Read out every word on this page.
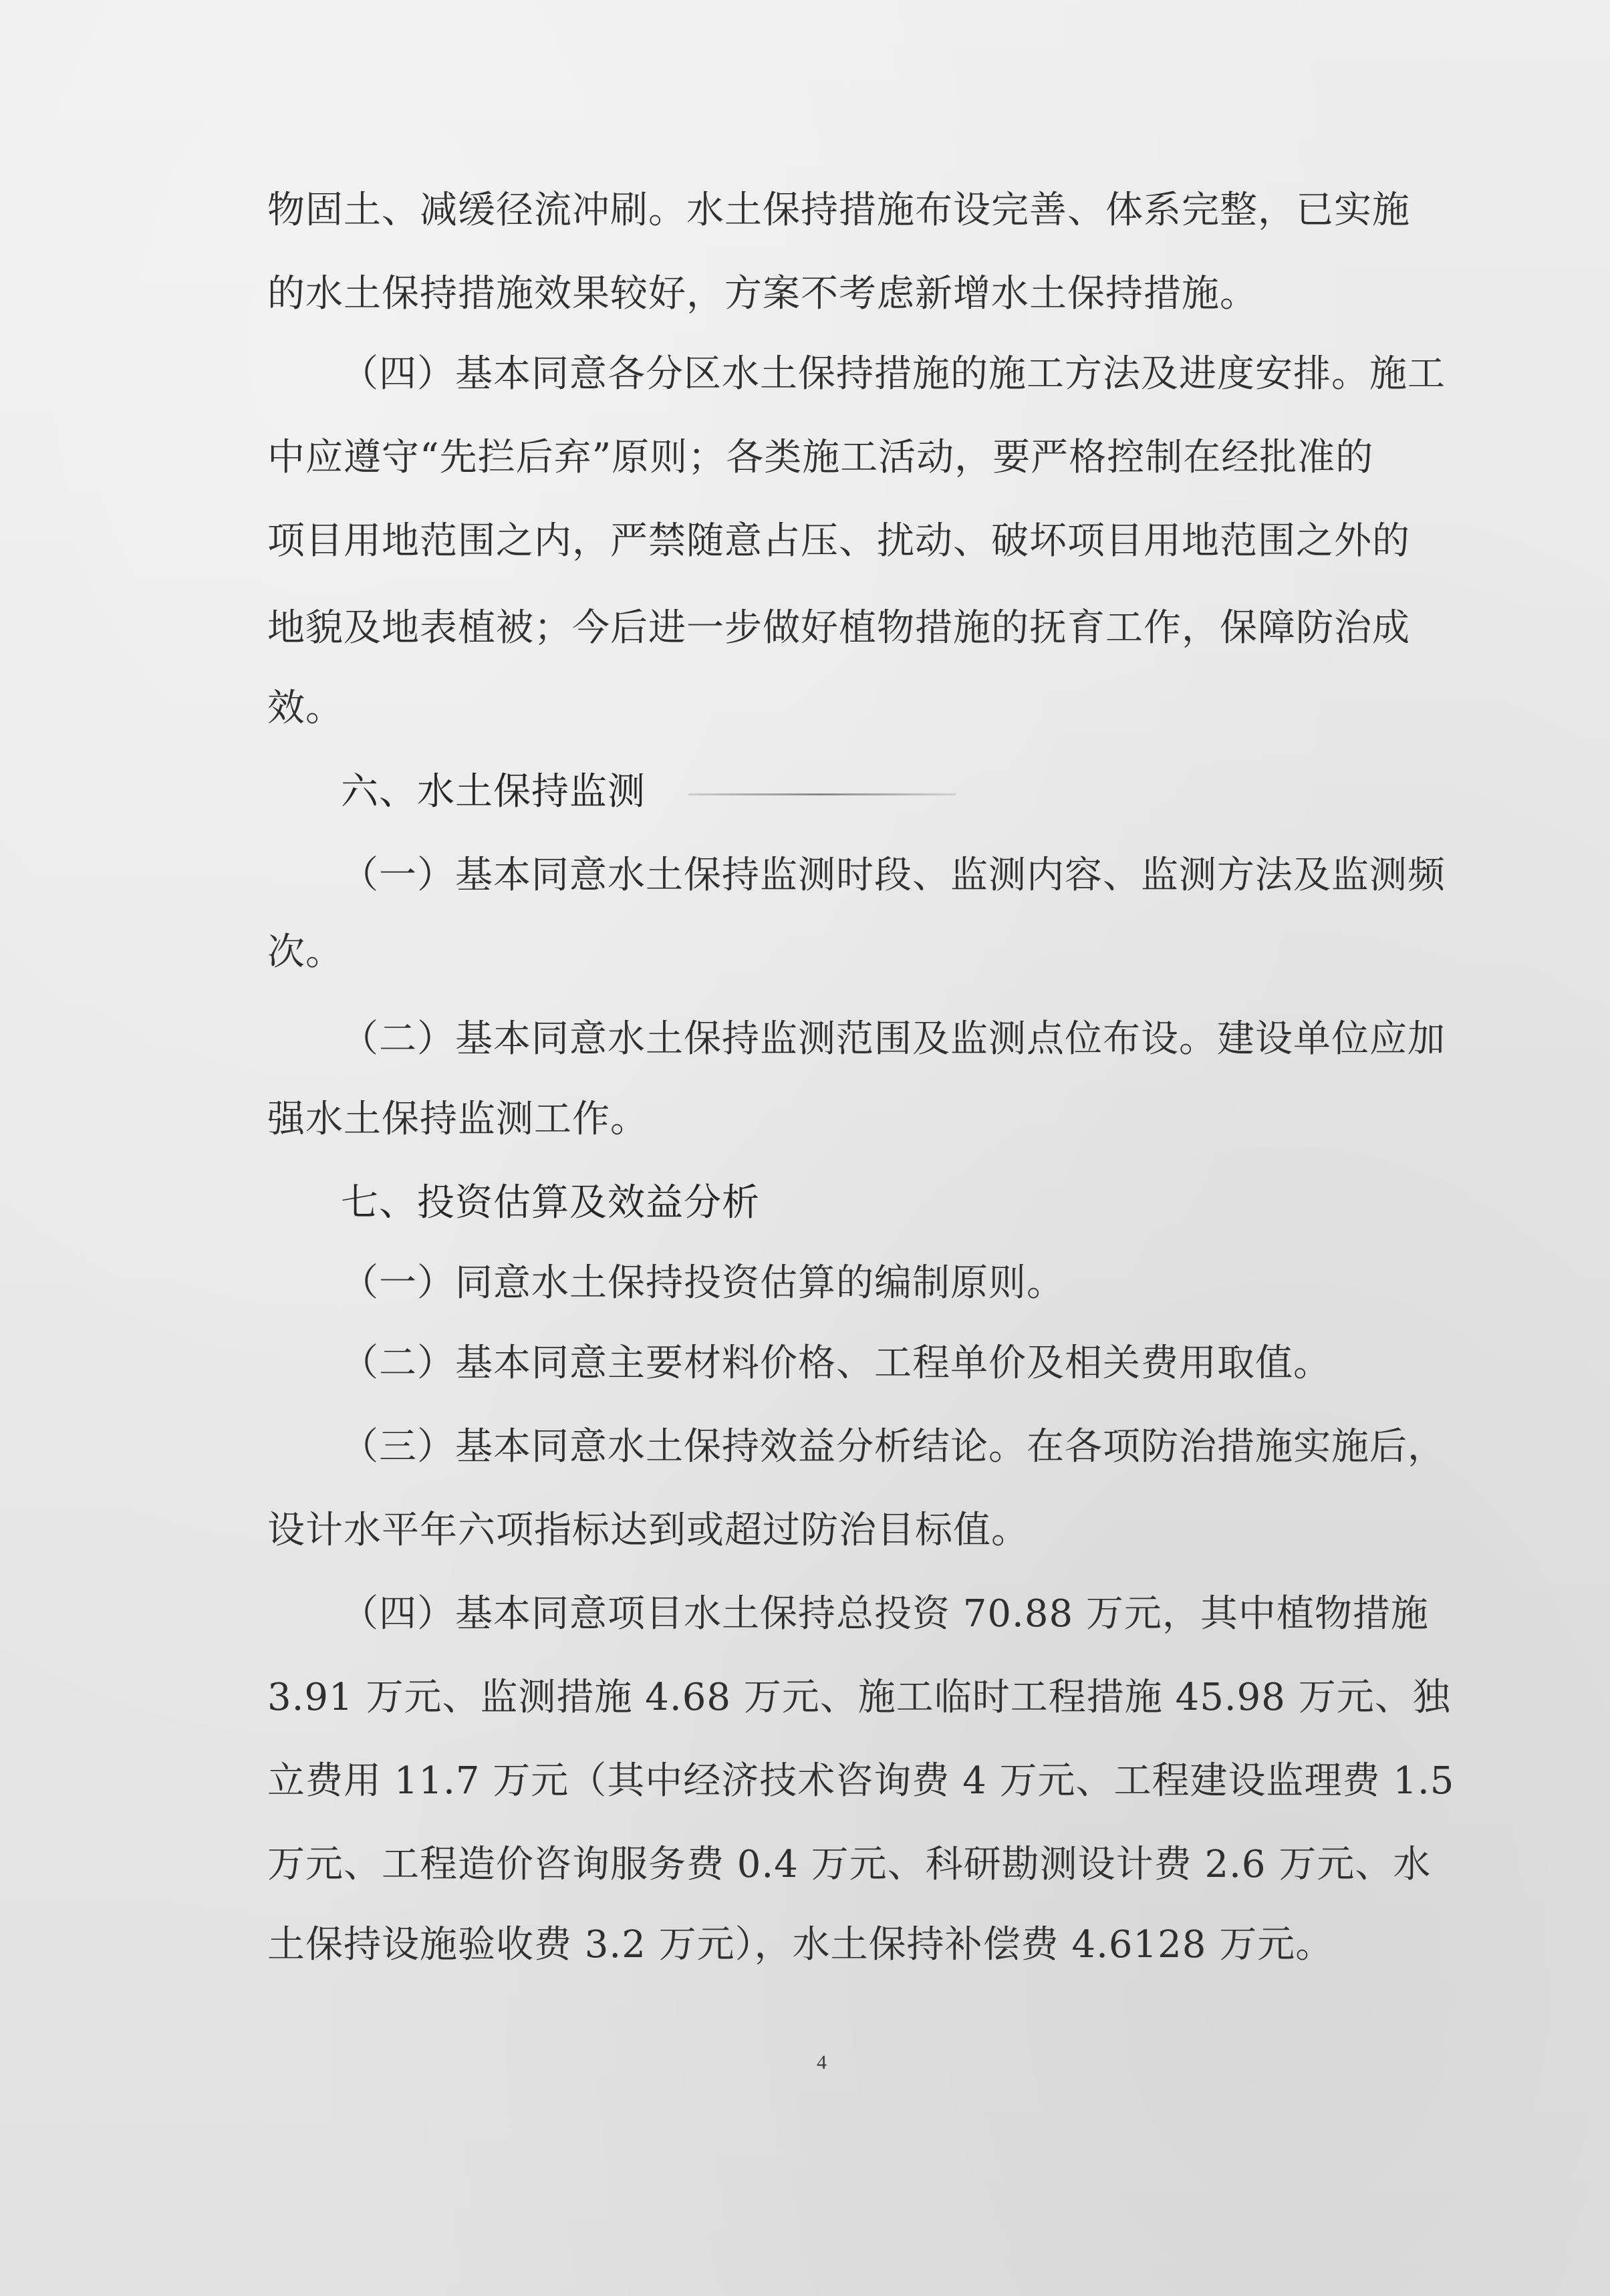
物固土、减缓径流冲刷。水土保持措施布设完善、体系完整，已实施
的水土保持措施效果较好，方案不考虑新增水土保持措施。
（四）基本同意各分区水土保持措施的施工方法及进度安排。施工
中应遵守“先拦后弃”原则；各类施工活动，要严格控制在经批准的
项目用地范围之内，严禁随意占压、扰动、破坏项目用地范围之外的
地貌及地表植被；今后进一步做好植物措施的抚育工作，保障防治成
效。
六、水土保持监测
（一）基本同意水土保持监测时段、监测内容、监测方法及监测频
次。
（二）基本同意水土保持监测范围及监测点位布设。建设单位应加
强水土保持监测工作。
七、投资估算及效益分析
（一）同意水土保持投资估算的编制原则。
（二）基本同意主要材料价格、工程单价及相关费用取值。
（三）基本同意水土保持效益分析结论。在各项防治措施实施后，
设计水平年六项指标达到或超过防治目标值。
（四）基本同意项目水土保持总投资 70.88 万元，其中植物措施
3.91 万元、监测措施 4.68 万元、施工临时工程措施 45.98 万元、独
立费用 11.7 万元（其中经济技术咨询费 4 万元、工程建设监理费 1.5
万元、工程造价咨询服务费 0.4 万元、科研勘测设计费 2.6 万元、水
土保持设施验收费 3.2 万元），水土保持补偿费 4.6128 万元。
4
